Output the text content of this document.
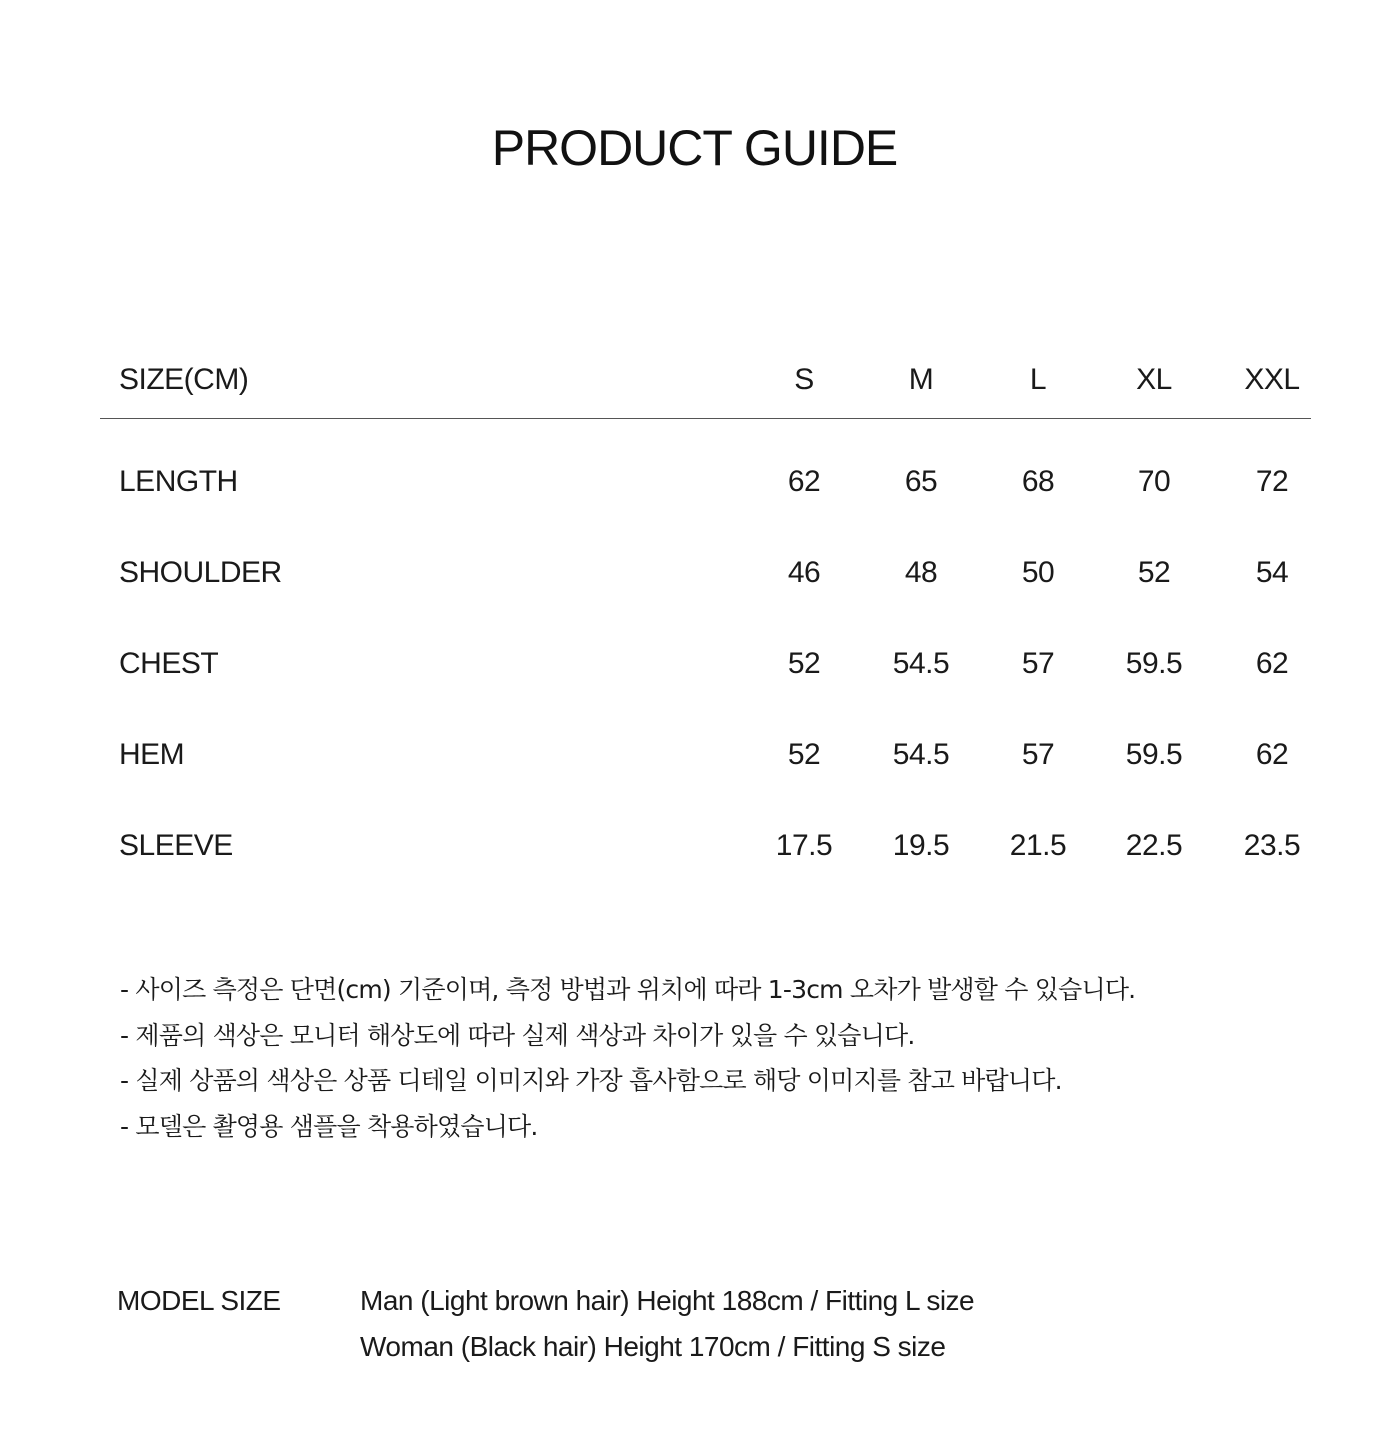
PRODUCT GUIDE
SIZE(CM)	S	M	L	XL	XXL
LENGTH	62	65	68	70	72
SHOULDER	46	48	50	52	54
CHEST	52	54.5	57	59.5	62
HEM	52	54.5	57	59.5	62
SLEEVE	17.5	19.5	21.5	22.5	23.5
- 사이즈 측정은 단면(cm) 기준이며, 측정 방법과 위치에 따라 1-3cm 오차가 발생할 수 있습니다.
- 제품의 색상은 모니터 해상도에 따라 실제 색상과 차이가 있을 수 있습니다.
- 실제 상품의 색상은 상품 디테일 이미지와 가장 흡사함으로 해당 이미지를 참고 바랍니다.
- 모델은 촬영용 샘플을 착용하였습니다.
MODEL SIZE	Man (Light brown hair) Height 188cm / Fitting L size
Woman (Black hair) Height 170cm / Fitting S size
